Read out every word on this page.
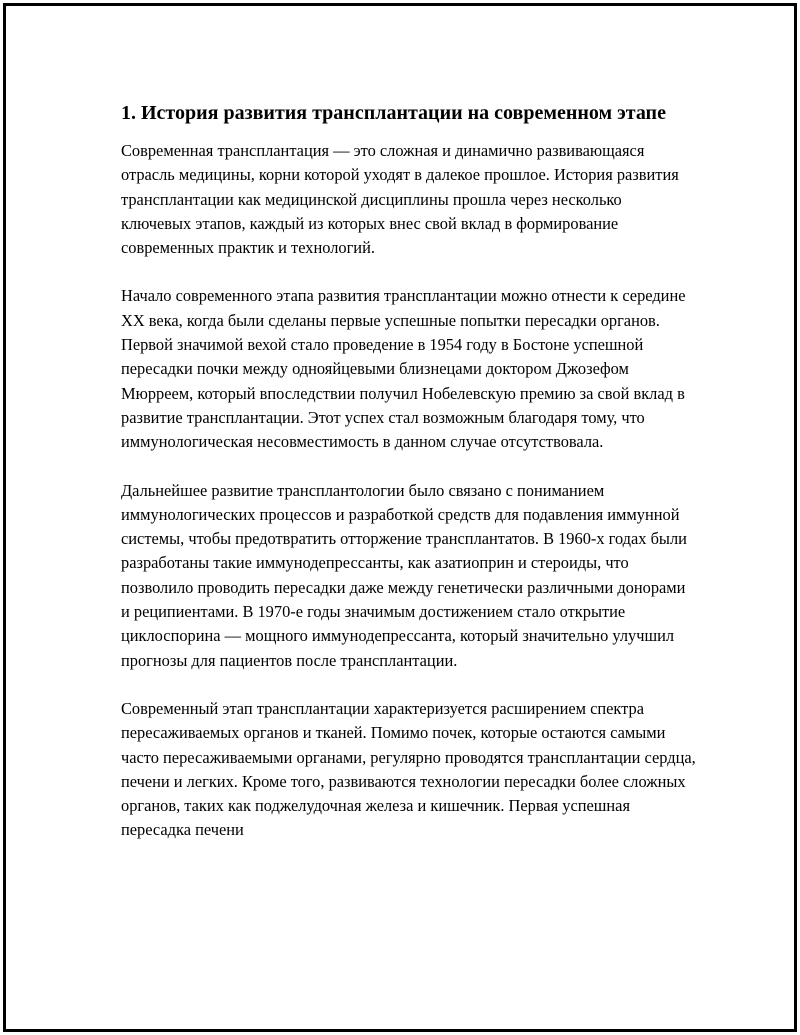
1. История развития трансплантации на современном этапе

Современная трансплантация — это сложная и динамично развивающаяся отрасль медицины, корни которой уходят в далекое прошлое. История развития трансплантации как медицинской дисциплины прошла через несколько ключевых этапов, каждый из которых внес свой вклад в формирование современных практик и технологий.

Начало современного этапа развития трансплантации можно отнести к середине XX века, когда были сделаны первые успешные попытки пересадки органов. Первой значимой вехой стало проведение в 1954 году в Бостоне успешной пересадки почки между однояйцевыми близнецами доктором Джозефом Мюрреем, который впоследствии получил Нобелевскую премию за свой вклад в развитие трансплантации. Этот успех стал возможным благодаря тому, что иммунологическая несовместимость в данном случае отсутствовала.

Дальнейшее развитие трансплантологии было связано с пониманием иммунологических процессов и разработкой средств для подавления иммунной системы, чтобы предотвратить отторжение трансплантатов. В 1960-х годах были разработаны такие иммунодепрессанты, как азатиоприн и стероиды, что позволило проводить пересадки даже между генетически различными донорами и реципиентами. В 1970-е годы значимым достижением стало открытие циклоспорина — мощного иммунодепрессанта, который значительно улучшил прогнозы для пациентов после трансплантации.

Современный этап трансплантации характеризуется расширением спектра пересаживаемых органов и тканей. Помимо почек, которые остаются самыми часто пересаживаемыми органами, регулярно проводятся трансплантации сердца, печени и легких. Кроме того, развиваются технологии пересадки более сложных органов, таких как поджелудочная железа и кишечник. Первая успешная пересадка печени
